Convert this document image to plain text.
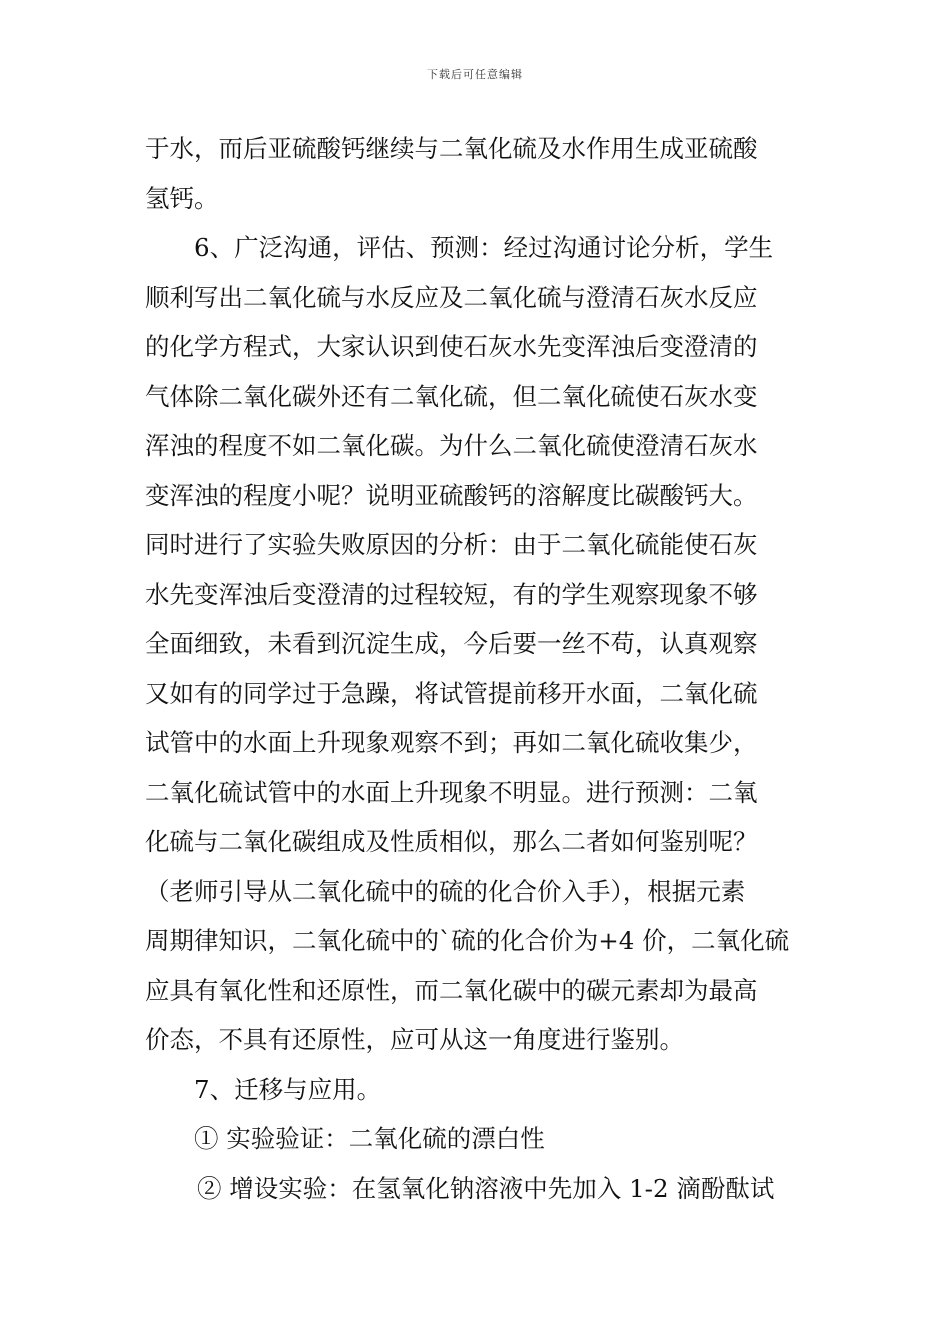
下载后可任意编辑
于水，而后亚硫酸钙继续与二氧化硫及水作用生成亚硫酸
氢钙。
6、广泛沟通，评估、预测：经过沟通讨论分析，学生
顺利写出二氧化硫与水反应及二氧化硫与澄清石灰水反应
的化学方程式，大家认识到使石灰水先变浑浊后变澄清的
气体除二氧化碳外还有二氧化硫，但二氧化硫使石灰水变
浑浊的程度不如二氧化碳。为什么二氧化硫使澄清石灰水
变浑浊的程度小呢？说明亚硫酸钙的溶解度比碳酸钙大。
同时进行了实验失败原因的分析：由于二氧化硫能使石灰
水先变浑浊后变澄清的过程较短，有的学生观察现象不够
全面细致，未看到沉淀生成，今后要一丝不苟，认真观察
又如有的同学过于急躁，将试管提前移开水面，二氧化硫
试管中的水面上升现象观察不到；再如二氧化硫收集少，
二氧化硫试管中的水面上升现象不明显。进行预测：二氧
化硫与二氧化碳组成及性质相似，那么二者如何鉴别呢？
（老师引导从二氧化硫中的硫的化合价入手），根据元素
周期律知识，二氧化硫中的`硫的化合价为+4 价，二氧化硫
应具有氧化性和还原性，而二氧化碳中的碳元素却为最高
价态，不具有还原性，应可从这一角度进行鉴别。
7、迁移与应用。
① 实验验证：二氧化硫的漂白性
② 增设实验：在氢氧化钠溶液中先加入 1-2 滴酚酞试
